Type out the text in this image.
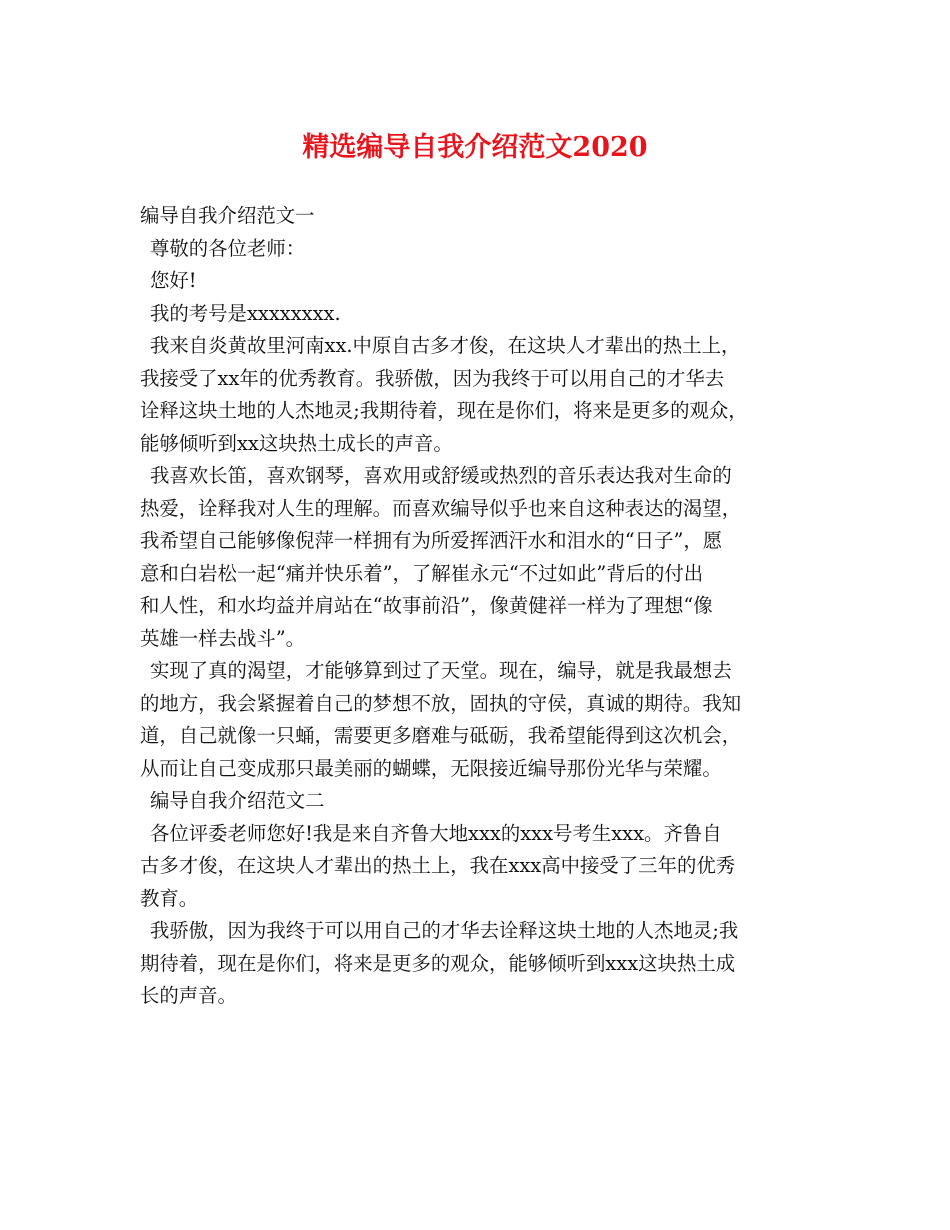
精选编导自我介绍范文2020
编导自我介绍范文一
尊敬的各位老师：
您好!
我的考号是xxxxxxxx.
我来自炎黄故里河南xx.中原自古多才俊，在这块人才辈出的热土上，
我接受了xx年的优秀教育。我骄傲，因为我终于可以用自己的才华去
诠释这块土地的人杰地灵;我期待着，现在是你们，将来是更多的观众，
能够倾听到xx这块热土成长的声音。
我喜欢长笛，喜欢钢琴，喜欢用或舒缓或热烈的音乐表达我对生命的
热爱，诠释我对人生的理解。而喜欢编导似乎也来自这种表达的渴望，
我希望自己能够像倪萍一样拥有为所爱挥洒汗水和泪水的“日子”，愿
意和白岩松一起“痛并快乐着”，了解崔永元“不过如此”背后的付出
和人性，和水均益并肩站在“故事前沿”，像黄健祥一样为了理想“像
英雄一样去战斗”。
实现了真的渴望，才能够算到过了天堂。现在，编导，就是我最想去
的地方，我会紧握着自己的梦想不放，固执的守侯，真诚的期待。我知
道，自己就像一只蛹，需要更多磨难与砥砺，我希望能得到这次机会，
从而让自己变成那只最美丽的蝴蝶，无限接近编导那份光华与荣耀。
编导自我介绍范文二
各位评委老师您好!我是来自齐鲁大地xxx的xxx号考生xxx。齐鲁自
古多才俊，在这块人才辈出的热土上，我在xxx高中接受了三年的优秀
教育。
我骄傲，因为我终于可以用自己的才华去诠释这块土地的人杰地灵;我
期待着，现在是你们，将来是更多的观众，能够倾听到xxx这块热土成
长的声音。
